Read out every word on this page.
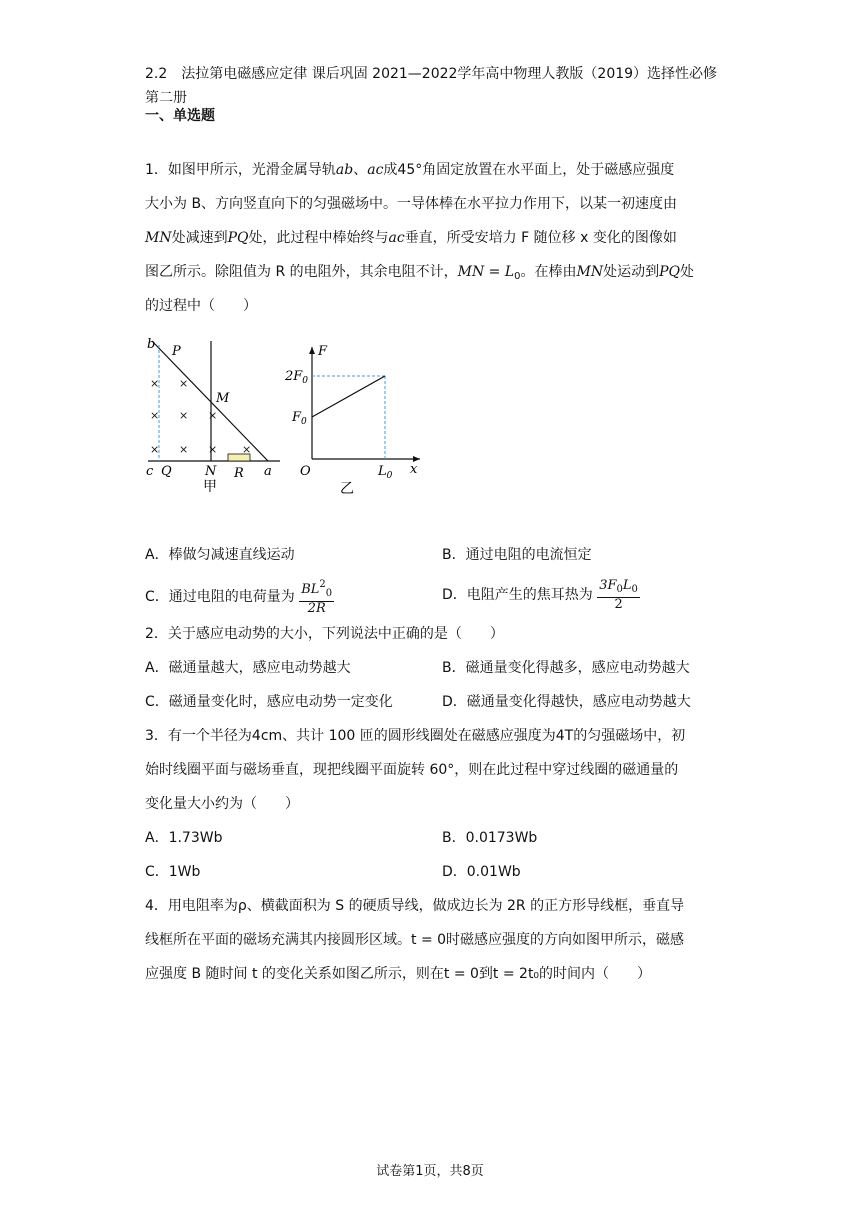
2.2　法拉第电磁感应定律 课后巩固 2021—2022学年高中物理人教版（2019）选择性必修第二册
一、单选题
1．如图甲所示，光滑金属导轨ab、ac成45°角固定放置在水平面上，处于磁感应强度
大小为 B、方向竖直向下的匀强磁场中。一导体棒在水平拉力作用下，以某一初速度由
MN处减速到PQ处，此过程中棒始终与ac垂直，所受安培力 F 随位移 x 变化的图像如
图乙所示。除阻值为 R 的电阻外，其余电阻不计，MN = $L_0$。在棒由MN处运动到PQ处
的过程中（　　）
×
×
×
×
×
×
×
× ×
b P
M
c Q	N R a
甲
F
$2F_0$
$F_0$
O	$L_0$ x
乙
A．棒做匀减速直线运动	B．通过电阻的电流恒定
C．通过电阻的电荷量为 $\frac{BL^2_0}{2R}$	D．电阻产生的焦耳热为 $\frac{3F_0L_0}{2}$
2．关于感应电动势的大小，下列说法中正确的是（　　）
A．磁通量越大，感应电动势越大	B．磁通量变化得越多，感应电动势越大
C．磁通量变化时，感应电动势一定变化	D．磁通量变化得越快，感应电动势越大
3．有一个半径为4cm、共计 100 匝的圆形线圈处在磁感应强度为4T的匀强磁场中，初
始时线圈平面与磁场垂直，现把线圈平面旋转 60°，则在此过程中穿过线圈的磁通量的
变化量大小约为（　　）
A．1.73Wb	B．0.0173Wb
C．1Wb	D．0.01Wb
4．用电阻率为ρ、横截面积为 S 的硬质导线，做成边长为 2R 的正方形导线框，垂直导
线框所在平面的磁场充满其内接圆形区域。t = 0时磁感应强度的方向如图甲所示，磁感
应强度 B 随时间 t 的变化关系如图乙所示，则在t = 0到t = 2t₀的时间内（　　）
试卷第1页，共8页
